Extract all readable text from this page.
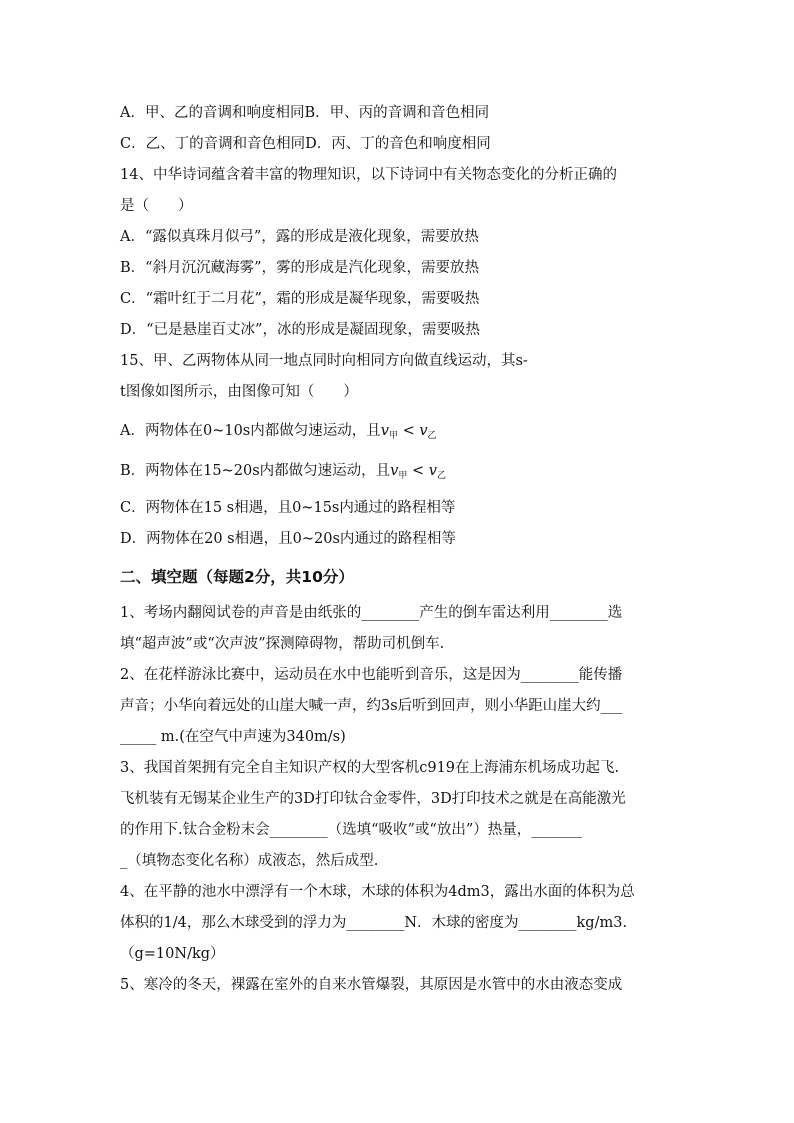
A．甲、乙的音调和响度相同B．甲、丙的音调和音色相同
C．乙、丁的音调和音色相同D．丙、丁的音色和响度相同
14、中华诗词蕴含着丰富的物理知识，以下诗词中有关物态变化的分析正确的
是（　　）
A．“露似真珠月似弓”，露的形成是液化现象，需要放热
B．“斜月沉沉藏海雾”，雾的形成是汽化现象，需要放热
C．“霜叶红于二月花”，霜的形成是凝华现象，需要吸热
D．“已是悬崖百丈冰”，冰的形成是凝固现象，需要吸热
15、甲、乙两物体从同一地点同时向相同方向做直线运动，其s-
t图像如图所示，由图像可知（　　）
A．两物体在0~10s内都做匀速运动，且$v_甲 < v_乙$
B．两物体在15~20s内都做匀速运动，且$v_甲 < v_乙$
C．两物体在15 s相遇，且0~15s内通过的路程相等
D．两物体在20 s相遇，且0~20s内通过的路程相等
二、填空题（每题2分，共10分）
1、考场内翻阅试卷的声音是由纸张的________产生的倒车雷达利用________选
填“超声波”或“次声波”探测障碍物，帮助司机倒车.
2、在花样游泳比赛中，运动员在水中也能听到音乐，这是因为________能传播
声音；小华向着远处的山崖大喊一声，约3s后听到回声，则小华距山崖大约___
_____ m.(在空气中声速为340m/s)
3、我国首架拥有完全自主知识产权的大型客机c919在上海浦东机场成功起飞.
飞机装有无锡某企业生产的3D打印钛合金零件，3D打印技术之就是在高能激光
的作用下.钛合金粉末会________（选填“吸收”或“放出”）热量，_______
_（填物态变化名称）成液态，然后成型.
4、在平静的池水中漂浮有一个木球，木球的体积为4dm3，露出水面的体积为总
体积的1/4，那么木球受到的浮力为________N．木球的密度为________kg/m3.
（g=10N/kg）
5、寒冷的冬天，裸露在室外的自来水管爆裂，其原因是水管中的水由液态变成
